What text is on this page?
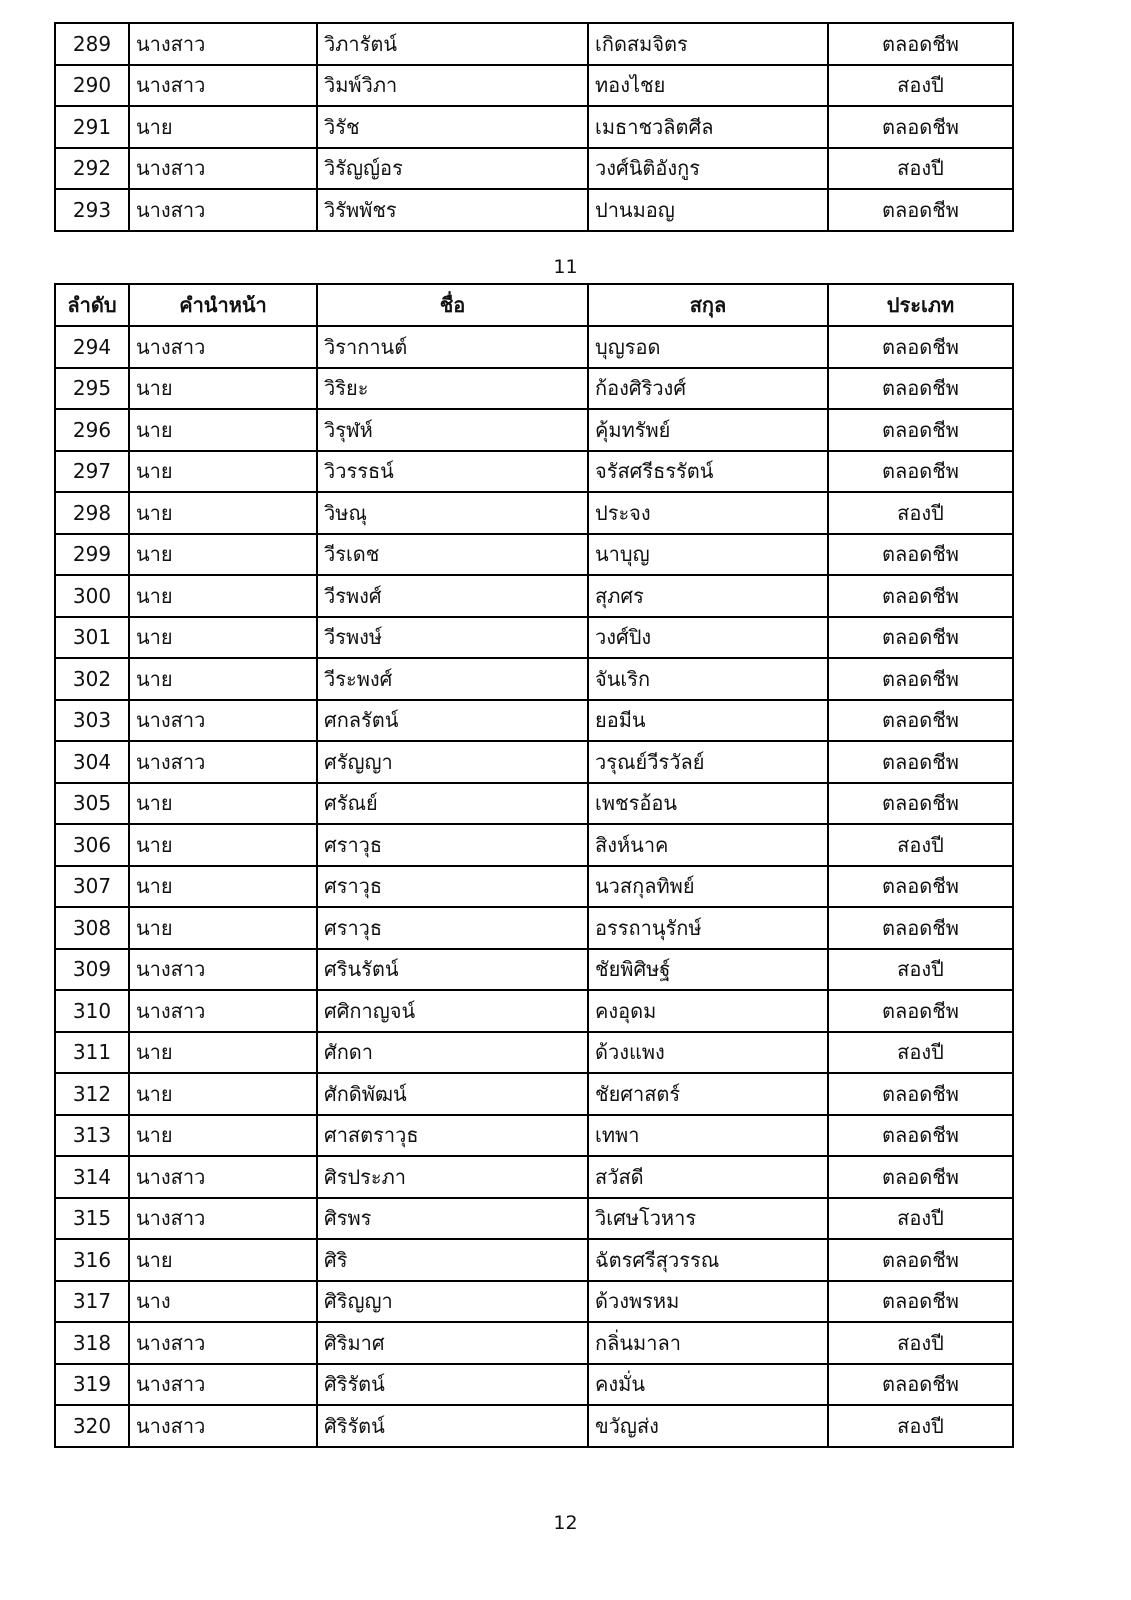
289	นางสาว	วิภารัตน์	เกิดสมจิตร	ตลอดชีพ
290	นางสาว	วิมพ์วิภา	ทองไชย	สองปี
291	นาย	วิรัช	เมธาชวลิตศีล	ตลอดชีพ
292	นางสาว	วิรัญญ์อร	วงศ์นิติอังกูร	สองปี
293	นางสาว	วิรัพพัชร	ปานมอญ	ตลอดชีพ
11
ลำดับ	คำนำหน้า	ชื่อ	สกุล	ประเภท
294	นางสาว	วิรากานต์	บุญรอด	ตลอดชีพ
295	นาย	วิริยะ	ก้องศิริวงศ์	ตลอดชีพ
296	นาย	วิรุฬห์	คุ้มทรัพย์	ตลอดชีพ
297	นาย	วิวรรธน์	จรัสศรีธรรัตน์	ตลอดชีพ
298	นาย	วิษณุ	ประจง	สองปี
299	นาย	วีรเดช	นาบุญ	ตลอดชีพ
300	นาย	วีรพงศ์	สุภศร	ตลอดชีพ
301	นาย	วีรพงษ์	วงศ์ปิง	ตลอดชีพ
302	นาย	วีระพงศ์	จันเริก	ตลอดชีพ
303	นางสาว	ศกลรัตน์	ยอมีน	ตลอดชีพ
304	นางสาว	ศรัญญา	วรุณย์วีรวัลย์	ตลอดชีพ
305	นาย	ศรัณย์	เพชรอ้อน	ตลอดชีพ
306	นาย	ศราวุธ	สิงห์นาค	สองปี
307	นาย	ศราวุธ	นวสกุลทิพย์	ตลอดชีพ
308	นาย	ศราวุธ	อรรถานุรักษ์	ตลอดชีพ
309	นางสาว	ศรินรัตน์	ชัยพิศิษฐ์	สองปี
310	นางสาว	ศศิกาญจน์	คงอุดม	ตลอดชีพ
311	นาย	ศักดา	ด้วงแพง	สองปี
312	นาย	ศักดิพัฒน์	ชัยศาสตร์	ตลอดชีพ
313	นาย	ศาสตราวุธ	เทพา	ตลอดชีพ
314	นางสาว	ศิรประภา	สวัสดี	ตลอดชีพ
315	นางสาว	ศิรพร	วิเศษโวหาร	สองปี
316	นาย	ศิริ	ฉัตรศรีสุวรรณ	ตลอดชีพ
317	นาง	ศิริญญา	ด้วงพรหม	ตลอดชีพ
318	นางสาว	ศิริมาศ	กลิ่นมาลา	สองปี
319	นางสาว	ศิริรัตน์	คงมั่น	ตลอดชีพ
320	นางสาว	ศิริรัตน์	ขวัญส่ง	สองปี
12
